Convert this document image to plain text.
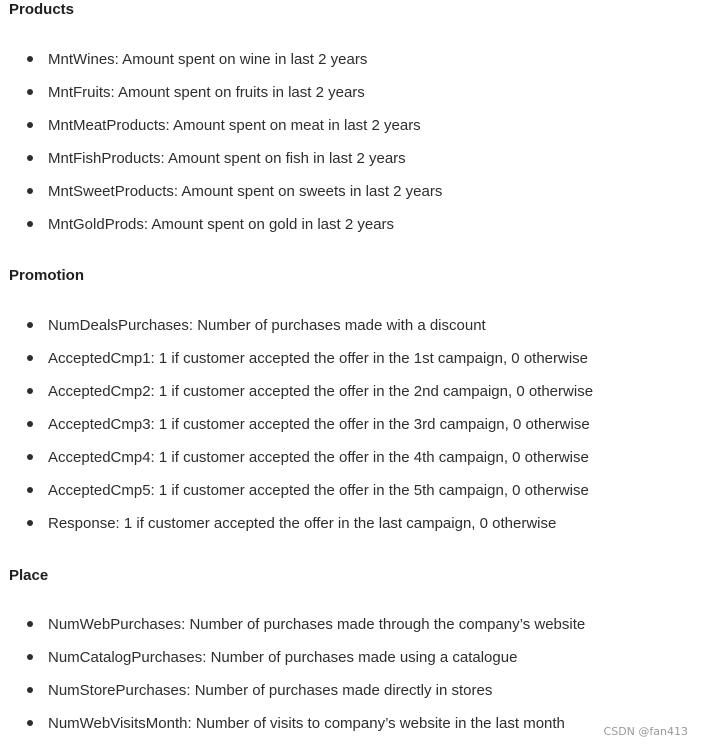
Products
MntWines: Amount spent on wine in last 2 years
MntFruits: Amount spent on fruits in last 2 years
MntMeatProducts: Amount spent on meat in last 2 years
MntFishProducts: Amount spent on fish in last 2 years
MntSweetProducts: Amount spent on sweets in last 2 years
MntGoldProds: Amount spent on gold in last 2 years
Promotion
NumDealsPurchases: Number of purchases made with a discount
AcceptedCmp1: 1 if customer accepted the offer in the 1st campaign, 0 otherwise
AcceptedCmp2: 1 if customer accepted the offer in the 2nd campaign, 0 otherwise
AcceptedCmp3: 1 if customer accepted the offer in the 3rd campaign, 0 otherwise
AcceptedCmp4: 1 if customer accepted the offer in the 4th campaign, 0 otherwise
AcceptedCmp5: 1 if customer accepted the offer in the 5th campaign, 0 otherwise
Response: 1 if customer accepted the offer in the last campaign, 0 otherwise
Place
NumWebPurchases: Number of purchases made through the company’s website
NumCatalogPurchases: Number of purchases made using a catalogue
NumStorePurchases: Number of purchases made directly in stores
NumWebVisitsMonth: Number of visits to company’s website in the last month	CSDN @fan413
